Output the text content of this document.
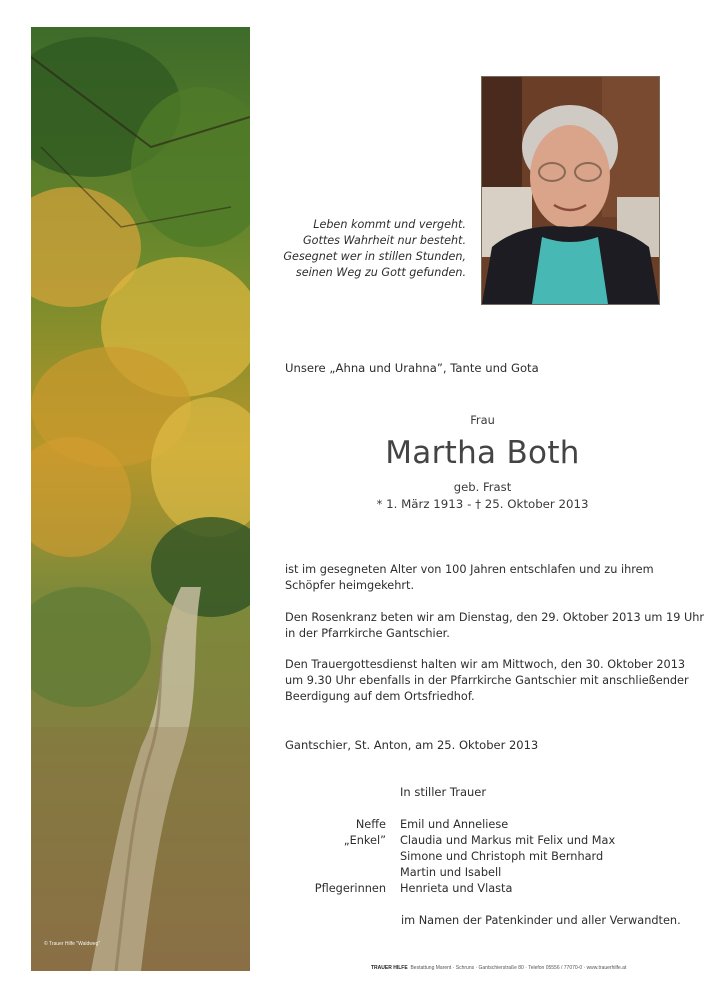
© Trauer Hilfe "Waldweg"
Leben kommt und vergeht.
Gottes Wahrheit nur besteht.
Gesegnet wer in stillen Stunden,
seinen Weg zu Gott gefunden.
Unsere „Ahna und Urahna”, Tante und Gota
Frau
Martha Both
geb. Frast
* 1. März 1913 - † 25. Oktober 2013
ist im gesegneten Alter von 100 Jahren entschlafen und zu ihrem
Schöpfer heimgekehrt.
Den Rosenkranz beten wir am Dienstag, den 29. Oktober 2013 um 19 Uhr
in der Pfarrkirche Gantschier.
Den Trauergottesdienst halten wir am Mittwoch, den 30. Oktober 2013
um 9.30 Uhr ebenfalls in der Pfarrkirche Gantschier mit anschließender
Beerdigung auf dem Ortsfriedhof.
Gantschier, St. Anton, am 25. Oktober 2013
In stiller Trauer
Neffe	Emil und Anneliese
„Enkel”	Claudia und Markus mit Felix und Max
Simone und Christoph mit Bernhard
Martin und Isabell
Pflegerinnen	Henrieta und Vlasta
im Namen der Patenkinder und aller Verwandten.
TRAUER HILFE Bestattung Marent · Schruns · Gantschierstraße 80 · Telefon 05556 / 77070-0 · www.trauerhilfe.at
